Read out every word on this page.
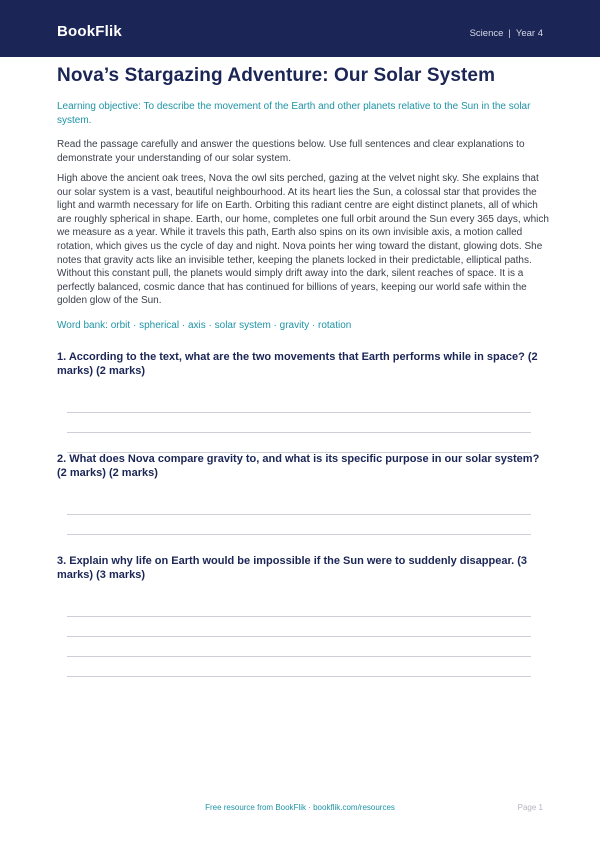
BookFlik	Science | Year 4
Nova’s Stargazing Adventure: Our Solar System

Learning objective: To describe the movement of the Earth and other planets relative to the Sun in the solar system.

Read the passage carefully and answer the questions below. Use full sentences and clear explanations to demonstrate your understanding of our solar system.

High above the ancient oak trees, Nova the owl sits perched, gazing at the velvet night sky. She explains that our solar system is a vast, beautiful neighbourhood. At its heart lies the Sun, a colossal star that provides the light and warmth necessary for life on Earth. Orbiting this radiant centre are eight distinct planets, all of which are roughly spherical in shape. Earth, our home, completes one full orbit around the Sun every 365 days, which we measure as a year. While it travels this path, Earth also spins on its own invisible axis, a motion called rotation, which gives us the cycle of day and night. Nova points her wing toward the distant, glowing dots. She notes that gravity acts like an invisible tether, keeping the planets locked in their predictable, elliptical paths. Without this constant pull, the planets would simply drift away into the dark, silent reaches of space. It is a perfectly balanced, cosmic dance that has continued for billions of years, keeping our world safe within the golden glow of the Sun.

Word bank: orbit · spherical · axis · solar system · gravity · rotation

1. According to the text, what are the two movements that Earth performs while in space? (2 marks) (2 marks)

2. What does Nova compare gravity to, and what is its specific purpose in our solar system? (2 marks) (2 marks)

3. Explain why life on Earth would be impossible if the Sun were to suddenly disappear. (3 marks) (3 marks)

Free resource from BookFlik · bookflik.com/resources	Page 1
